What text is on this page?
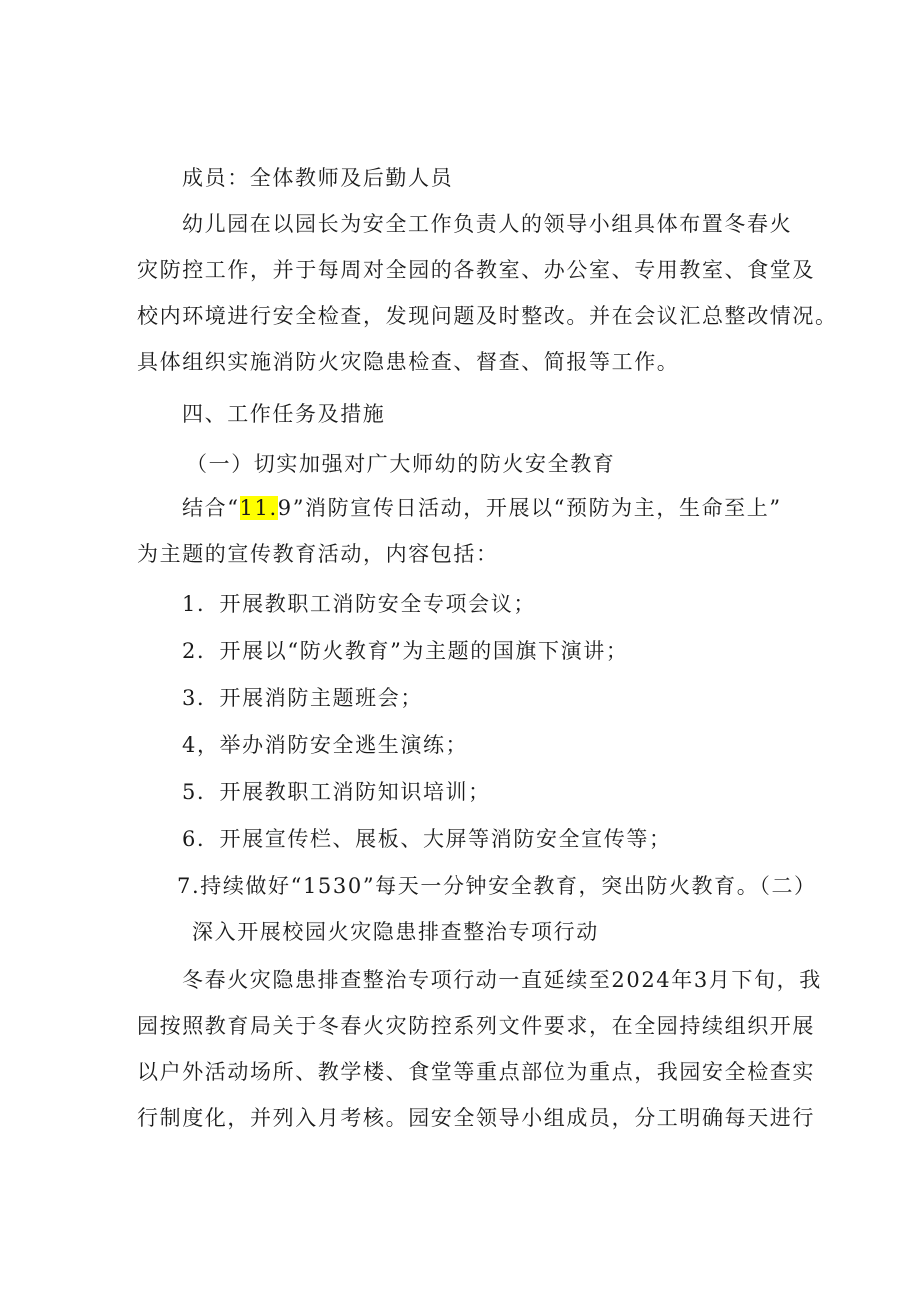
成员：全体教师及后勤人员
幼儿园在以园长为安全工作负责人的领导小组具体布置冬春火
灾防控工作，并于每周对全园的各教室、办公室、专用教室、食堂及
校内环境进行安全检查，发现问题及时整改。并在会议汇总整改情况。
具体组织实施消防火灾隐患检查、督查、简报等工作。
四、工作任务及措施
（一）切实加强对广大师幼的防火安全教育
结合“11.9”消防宣传日活动，开展以“预防为主，生命至上”
为主题的宣传教育活动，内容包括：
1．开展教职工消防安全专项会议；
2．开展以“防火教育”为主题的国旗下演讲；
3．开展消防主题班会；
4，举办消防安全逃生演练；
5．开展教职工消防知识培训；
6．开展宣传栏、展板、大屏等消防安全宣传等；
7.持续做好“1530”每天一分钟安全教育，突出防火教育。（二）
深入开展校园火灾隐患排查整治专项行动
冬春火灾隐患排查整治专项行动一直延续至2024年3月下旬，我
园按照教育局关于冬春火灾防控系列文件要求，在全园持续组织开展
以户外活动场所、教学楼、食堂等重点部位为重点，我园安全检查实
行制度化，并列入月考核。园安全领导小组成员，分工明确每天进行
